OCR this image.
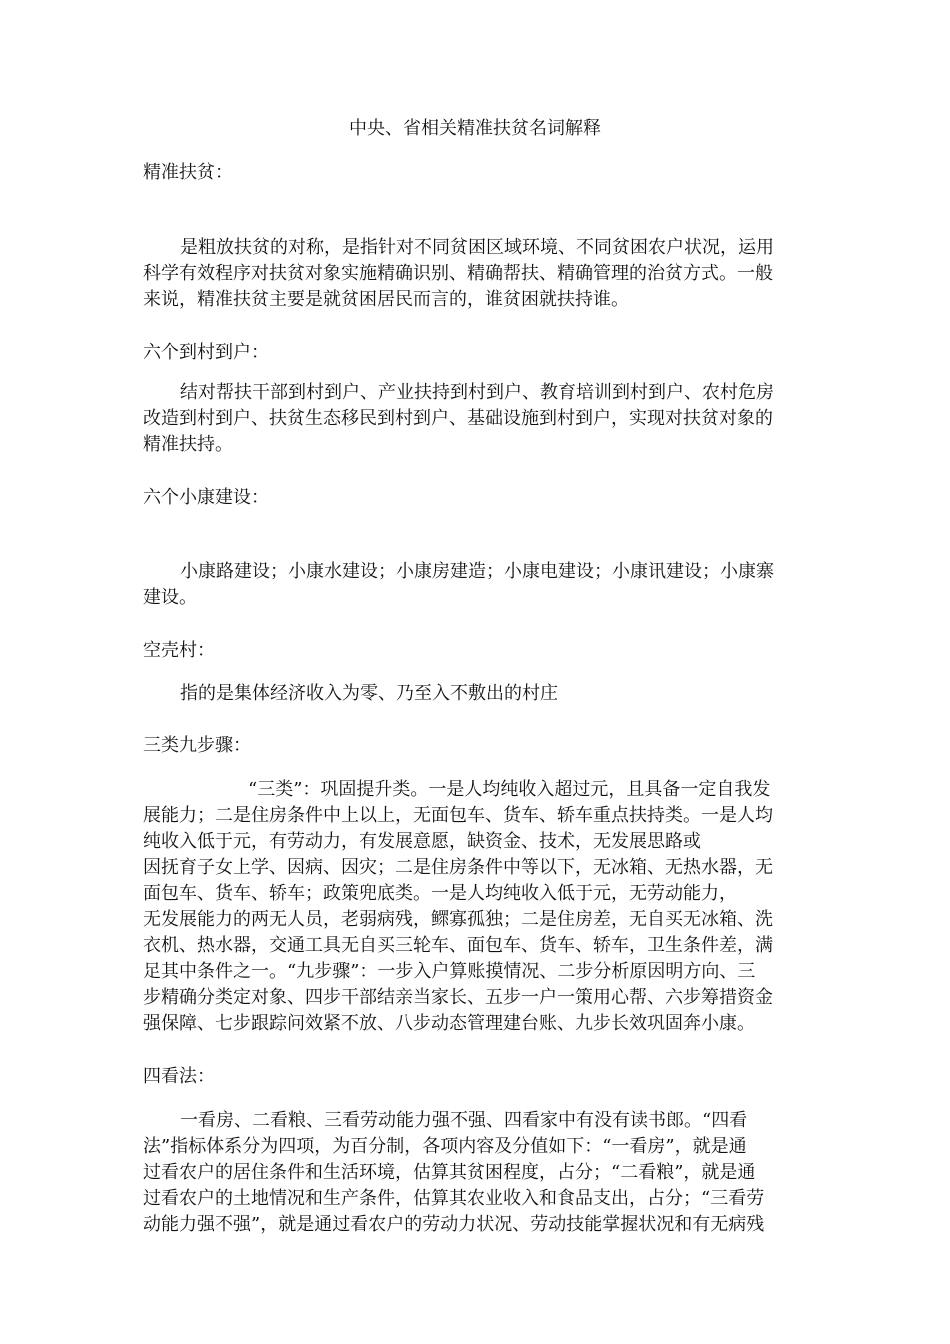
中央、省相关精准扶贫名词解释
精准扶贫：
是粗放扶贫的对称，是指针对不同贫困区域环境、不同贫困农户状况，运用
科学有效程序对扶贫对象实施精确识别、精确帮扶、精确管理的治贫方式。一般
来说，精准扶贫主要是就贫困居民而言的，谁贫困就扶持谁。
六个到村到户：
结对帮扶干部到村到户、产业扶持到村到户、教育培训到村到户、农村危房
改造到村到户、扶贫生态移民到村到户、基础设施到村到户，实现对扶贫对象的
精准扶持。
六个小康建设：
小康路建设；小康水建设；小康房建造；小康电建设；小康讯建设；小康寨
建设。
空壳村：
指的是集体经济收入为零、乃至入不敷出的村庄
三类九步骤：
“三类”：巩固提升类。一是人均纯收入超过元，且具备一定自我发
展能力；二是住房条件中上以上，无面包车、货车、轿车重点扶持类。一是人均
纯收入低于元，有劳动力，有发展意愿，缺资金、技术，无发展思路或
因抚育子女上学、因病、因灾；二是住房条件中等以下，无冰箱、无热水器，无
面包车、货车、轿车；政策兜底类。一是人均纯收入低于元，无劳动能力，
无发展能力的两无人员，老弱病残，鳏寡孤独；二是住房差，无自买无冰箱、洗
衣机、热水器，交通工具无自买三轮车、面包车、货车、轿车，卫生条件差，满
足其中条件之一。“九步骤”：一步入户算账摸情况、二步分析原因明方向、三
步精确分类定对象、四步干部结亲当家长、五步一户一策用心帮、六步筹措资金
强保障、七步跟踪问效紧不放、八步动态管理建台账、九步长效巩固奔小康。
四看法：
一看房、二看粮、三看劳动能力强不强、四看家中有没有读书郎。“四看
法”指标体系分为四项，为百分制，各项内容及分值如下：“一看房”，就是通
过看农户的居住条件和生活环境，估算其贫困程度，占分；“二看粮”，就是通
过看农户的土地情况和生产条件，估算其农业收入和食品支出，占分；“三看劳
动能力强不强”，就是通过看农户的劳动力状况、劳动技能掌握状况和有无病残
